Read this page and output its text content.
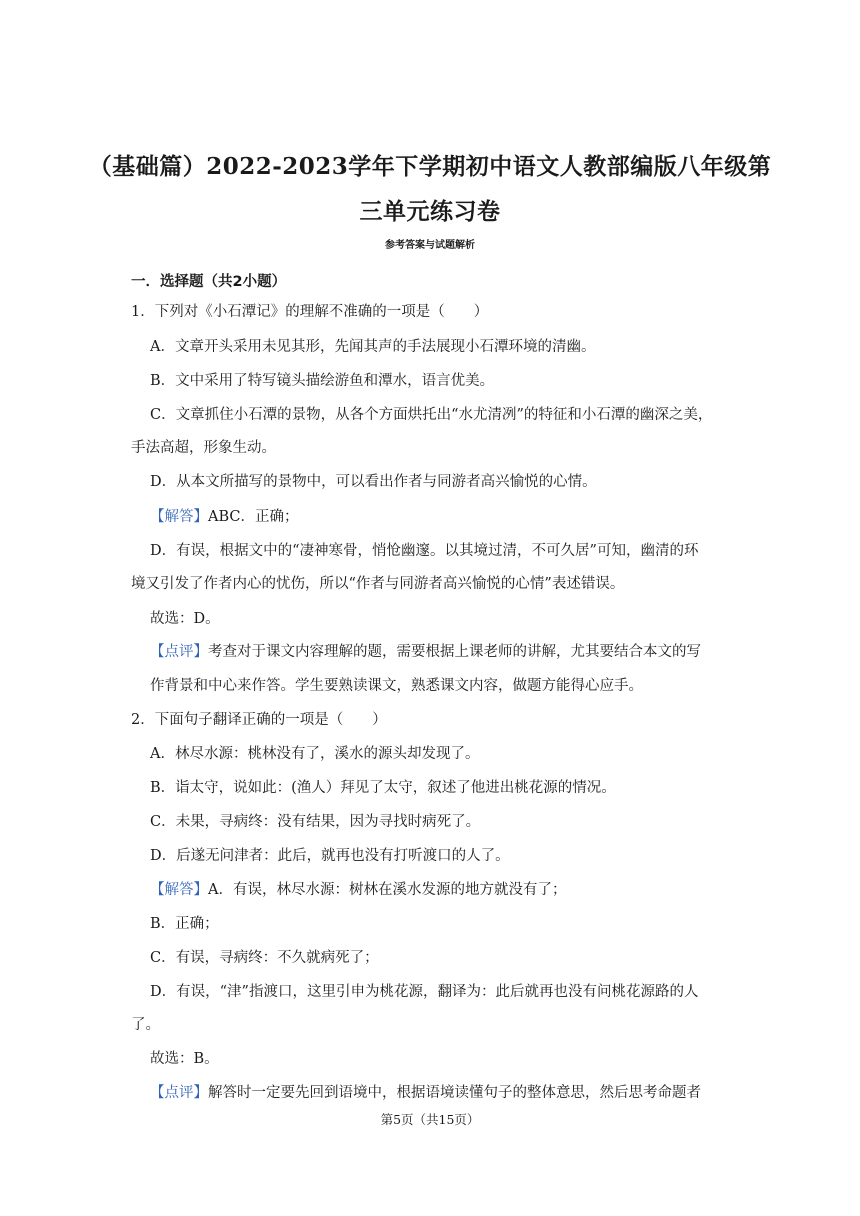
（基础篇）2022-2023学年下学期初中语文人教部编版八年级第
三单元练习卷
参考答案与试题解析
一．选择题（共2小题）
1．下列对《小石潭记》的理解不准确的一项是（　　）
A．文章开头采用未见其形，先闻其声的手法展现小石潭环境的清幽。
B．文中采用了特写镜头描绘游鱼和潭水，语言优美。
C．文章抓住小石潭的景物，从各个方面烘托出“水尤清冽”的特征和小石潭的幽深之美，
手法高超，形象生动。
D．从本文所描写的景物中，可以看出作者与同游者高兴愉悦的心情。
【解答】ABC．正确；
D．有误，根据文中的“凄神寒骨，悄怆幽邃。以其境过清，不可久居”可知，幽清的环
境又引发了作者内心的忧伤，所以“作者与同游者高兴愉悦的心情”表述错误。
故选：D。
【点评】考查对于课文内容理解的题，需要根据上课老师的讲解，尤其要结合本文的写
作背景和中心来作答。学生要熟读课文，熟悉课文内容，做题方能得心应手。
2．下面句子翻译正确的一项是（　　）
A．林尽水源：桃林没有了，溪水的源头却发现了。
B．诣太守，说如此：(渔人）拜见了太守，叙述了他进出桃花源的情况。
C．未果，寻病终：没有结果，因为寻找时病死了。
D．后遂无问津者：此后，就再也没有打听渡口的人了。
【解答】A．有误，林尽水源：树林在溪水发源的地方就没有了；
B．正确；
C．有误，寻病终：不久就病死了；
D．有误，“津”指渡口，这里引申为桃花源，翻译为：此后就再也没有问桃花源路的人
了。
故选：B。
【点评】解答时一定要先回到语境中，根据语境读懂句子的整体意思，然后思考命题者
第5页（共15页）
